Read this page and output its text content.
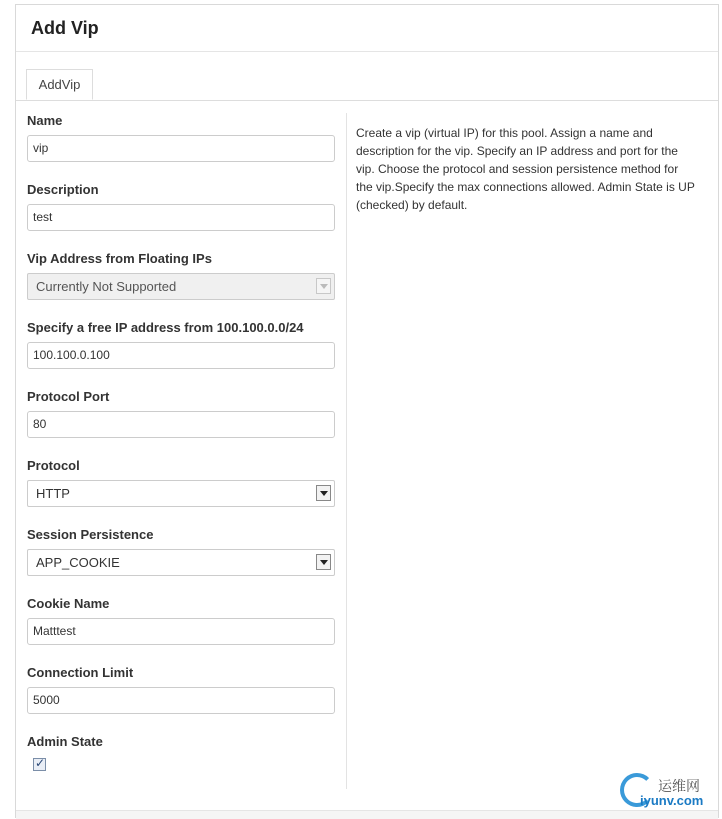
Add Vip
AddVip
Name
vip
Description
test
Vip Address from Floating IPs
Currently Not Supported
Specify a free IP address from 100.100.0.0/24
100.100.0.100
Protocol Port
80
Protocol
HTTP
Session Persistence
APP_COOKIE
Cookie Name
Matttest
Connection Limit
5000
Admin State
✓
Create a vip (virtual IP) for this pool. Assign a name and description for the vip. Specify an IP address and port for the vip. Choose the protocol and session persistence method for the vip.Specify the max connections allowed. Admin State is UP (checked) by default.
运维网
iyunv.com
